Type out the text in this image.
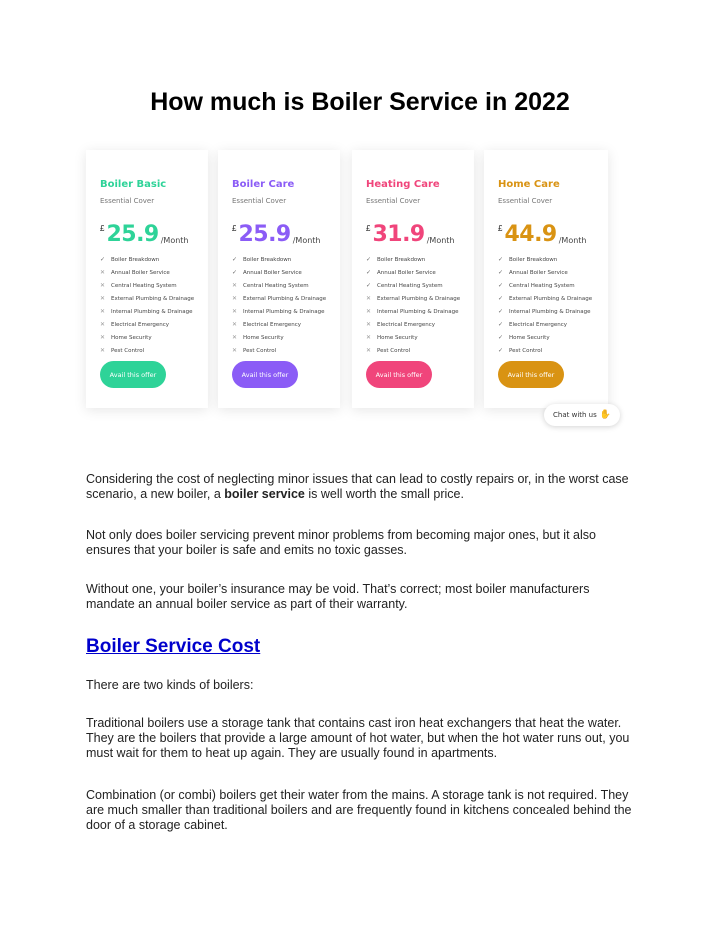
How much is Boiler Service in 2022
Boiler Basic
Essential Cover
£ 25.9 /Month
✓	Boiler Breakdown
✕	Annual Boiler Service
✕	Central Heating System
✕	External Plumbing & Drainage
✕	Internal Plumbing & Drainage
✕	Electrical Emergency
✕	Home Security
✕	Pest Control
Avail this offer
Boiler Care
Essential Cover
£ 25.9 /Month
✓	Boiler Breakdown
✓	Annual Boiler Service
✕	Central Heating System
✕	External Plumbing & Drainage
✕	Internal Plumbing & Drainage
✕	Electrical Emergency
✕	Home Security
✕	Pest Control
Avail this offer
Heating Care
Essential Cover
£ 31.9 /Month
✓	Boiler Breakdown
✓	Annual Boiler Service
✓	Central Heating System
✕	External Plumbing & Drainage
✕	Internal Plumbing & Drainage
✕	Electrical Emergency
✕	Home Security
✕	Pest Control
Avail this offer
Home Care
Essential Cover
£ 44.9 /Month
✓	Boiler Breakdown
✓	Annual Boiler Service
✓	Central Heating System
✓	External Plumbing & Drainage
✓	Internal Plumbing & Drainage
✓	Electrical Emergency
✓	Home Security
✓	Pest Control
Avail this offer
Chat with us ✋

Considering the cost of neglecting minor issues that can lead to costly repairs or, in the worst case scenario, a new boiler, a boiler service is well worth the small price.

Not only does boiler servicing prevent minor problems from becoming major ones, but it also ensures that your boiler is safe and emits no toxic gasses.

Without one, your boiler’s insurance may be void. That’s correct; most boiler manufacturers mandate an annual boiler service as part of their warranty.

Boiler Service Cost

There are two kinds of boilers:

Traditional boilers use a storage tank that contains cast iron heat exchangers that heat the water. They are the boilers that provide a large amount of hot water, but when the hot water runs out, you must wait for them to heat up again. They are usually found in apartments.

Combination (or combi) boilers get their water from the mains. A storage tank is not required. They are much smaller than traditional boilers and are frequently found in kitchens concealed behind the door of a storage cabinet.
